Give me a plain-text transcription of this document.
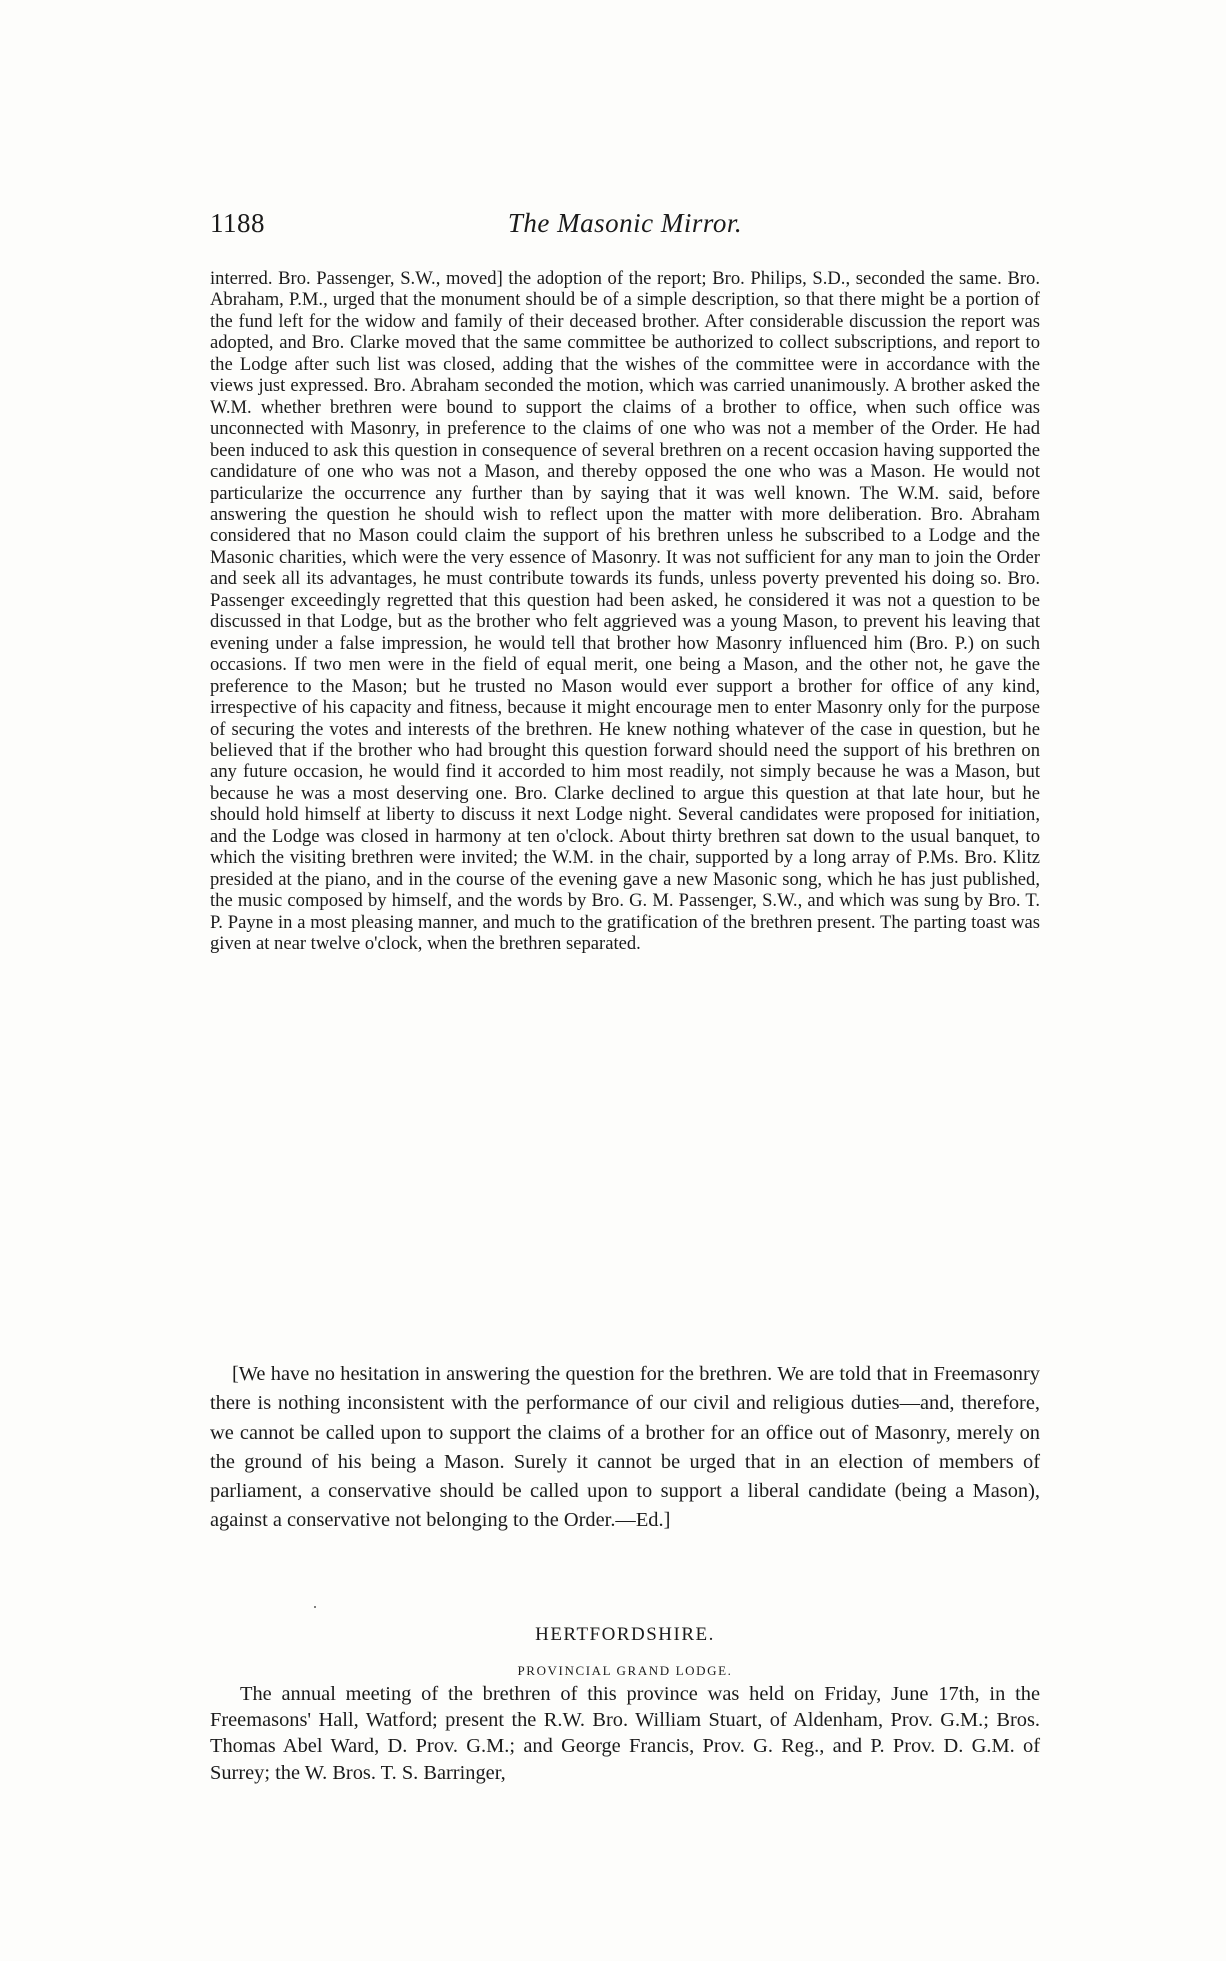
1188	The Masonic Mirror.

interred. Bro. Passenger, S.W., moved] the adoption of the report; Bro. Philips, S.D., seconded the same. Bro. Abraham, P.M., urged that the monument should be of a simple description, so that there might be a portion of the fund left for the widow and family of their deceased brother. After considerable discussion the report was adopted, and Bro. Clarke moved that the same committee be authorized to collect subscriptions, and report to the Lodge after such list was closed, adding that the wishes of the committee were in accordance with the views just expressed. Bro. Abraham seconded the motion, which was carried unanimously. A brother asked the W.M. whether brethren were bound to support the claims of a brother to office, when such office was unconnected with Masonry, in preference to the claims of one who was not a member of the Order. He had been induced to ask this question in consequence of several brethren on a recent occasion having supported the candidature of one who was not a Mason, and thereby opposed the one who was a Mason. He would not particularize the occurrence any further than by saying that it was well known. The W.M. said, before answering the question he should wish to reflect upon the matter with more deliberation. Bro. Abraham considered that no Mason could claim the support of his brethren unless he subscribed to a Lodge and the Masonic charities, which were the very essence of Masonry. It was not sufficient for any man to join the Order and seek all its advantages, he must contribute towards its funds, unless poverty prevented his doing so. Bro. Passenger exceedingly regretted that this question had been asked, he considered it was not a question to be discussed in that Lodge, but as the brother who felt aggrieved was a young Mason, to prevent his leaving that evening under a false impression, he would tell that brother how Masonry influenced him (Bro. P.) on such occasions. If two men were in the field of equal merit, one being a Mason, and the other not, he gave the preference to the Mason; but he trusted no Mason would ever support a brother for office of any kind, irrespective of his capacity and fitness, because it might encourage men to enter Masonry only for the purpose of securing the votes and interests of the brethren. He knew nothing whatever of the case in question, but he believed that if the brother who had brought this question forward should need the support of his brethren on any future occasion, he would find it accorded to him most readily, not simply because he was a Mason, but because he was a most deserving one. Bro. Clarke declined to argue this question at that late hour, but he should hold himself at liberty to discuss it next Lodge night. Several candidates were proposed for initiation, and the Lodge was closed in harmony at ten o'clock. About thirty brethren sat down to the usual banquet, to which the visiting brethren were invited; the W.M. in the chair, supported by a long array of P.Ms. Bro. Klitz presided at the piano, and in the course of the evening gave a new Masonic song, which he has just published, the music composed by himself, and the words by Bro. G. M. Passenger, S.W., and which was sung by Bro. T. P. Payne in a most pleasing manner, and much to the gratification of the brethren present. The parting toast was given at near twelve o'clock, when the brethren separated.

[We have no hesitation in answering the question for the brethren. We are told that in Freemasonry there is nothing inconsistent with the performance of our civil and religious duties—and, therefore, we cannot be called upon to support the claims of a brother for an office out of Masonry, merely on the ground of his being a Mason. Surely it cannot be urged that in an election of members of parliament, a conservative should be called upon to support a liberal candidate (being a Mason), against a conservative not belonging to the Order.—Ed.]

HERTFORDSHIRE.
PROVINCIAL GRAND LODGE.

The annual meeting of the brethren of this province was held on Friday, June 17th, in the Freemasons' Hall, Watford; present the R.W. Bro. William Stuart, of Aldenham, Prov. G.M.; Bros. Thomas Abel Ward, D. Prov. G.M.; and George Francis, Prov. G. Reg., and P. Prov. D. G.M. of Surrey; the W. Bros. T. S. Barringer,
